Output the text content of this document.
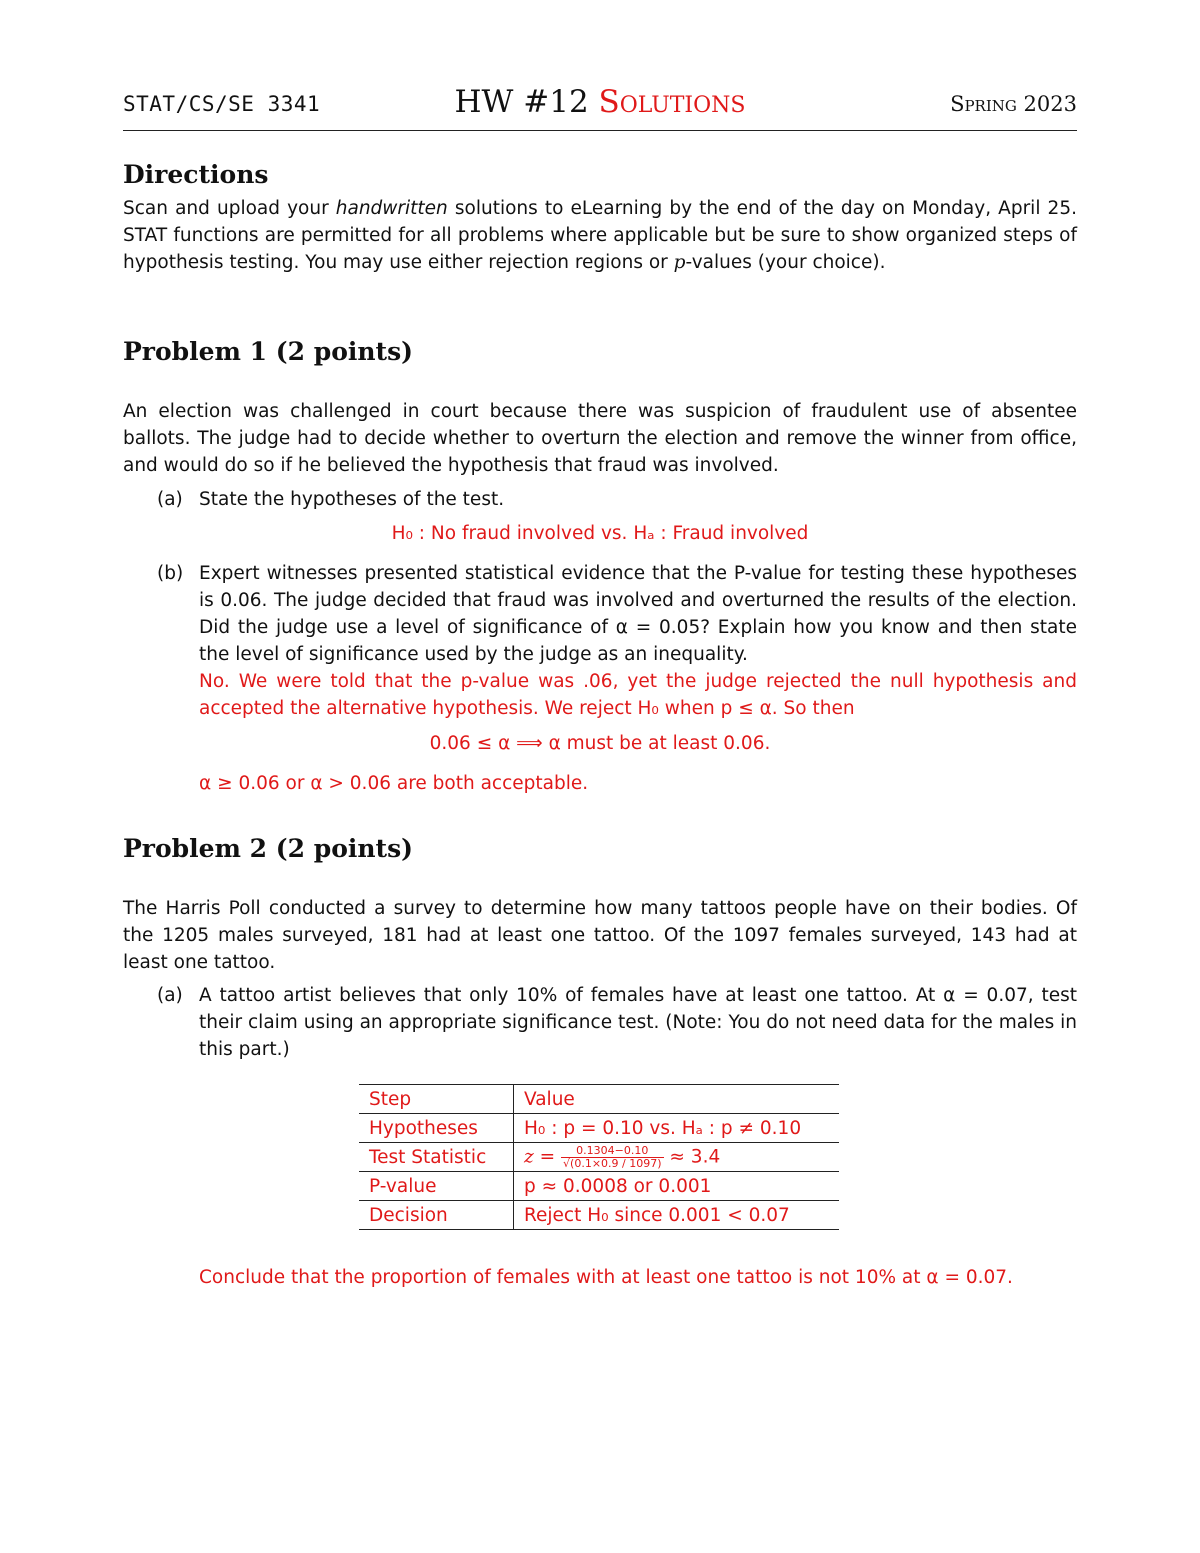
STAT/CS/SE 3341	HW #12 Solutions	Spring 2023
Directions
Scan and upload your handwritten solutions to eLearning by the end of the day on Monday, April 25. STAT functions are permitted for all problems where applicable but be sure to show organized steps of hypothesis testing. You may use either rejection regions or p-values (your choice).
Problem 1 (2 points)
An election was challenged in court because there was suspicion of fraudulent use of absentee ballots. The judge had to decide whether to overturn the election and remove the winner from office, and would do so if he believed the hypothesis that fraud was involved.
(a) State the hypotheses of the test.
H₀ : No fraud involved vs. Hₐ : Fraud involved
(b) Expert witnesses presented statistical evidence that the P-value for testing these hypotheses is 0.06. The judge decided that fraud was involved and overturned the results of the election. Did the judge use a level of significance of α = 0.05? Explain how you know and then state the level of significance used by the judge as an inequality.
No. We were told that the p-value was .06, yet the judge rejected the null hypothesis and accepted the alternative hypothesis. We reject H₀ when p ≤ α. So then
0.06 ≤ α ⟹ α must be at least 0.06.
α ≥ 0.06 or α > 0.06 are both acceptable.
Problem 2 (2 points)
The Harris Poll conducted a survey to determine how many tattoos people have on their bodies. Of the 1205 males surveyed, 181 had at least one tattoo. Of the 1097 females surveyed, 143 had at least one tattoo.
(a) A tattoo artist believes that only 10% of females have at least one tattoo. At α = 0.07, test their claim using an appropriate significance test. (Note: You do not need data for the males in this part.)
Step	Value
Hypotheses	H₀ : p = 0.10 vs. Hₐ : p ≠ 0.10
Test Statistic	$z = \frac{0.1304-0.10}{√(0.1\times 0.9 / 1097)} \approx 3.4$
P-value	p ≈ 0.0008 or 0.001
Decision	Reject H₀ since 0.001 < 0.07
Conclude that the proportion of females with at least one tattoo is not 10% at α = 0.07.
